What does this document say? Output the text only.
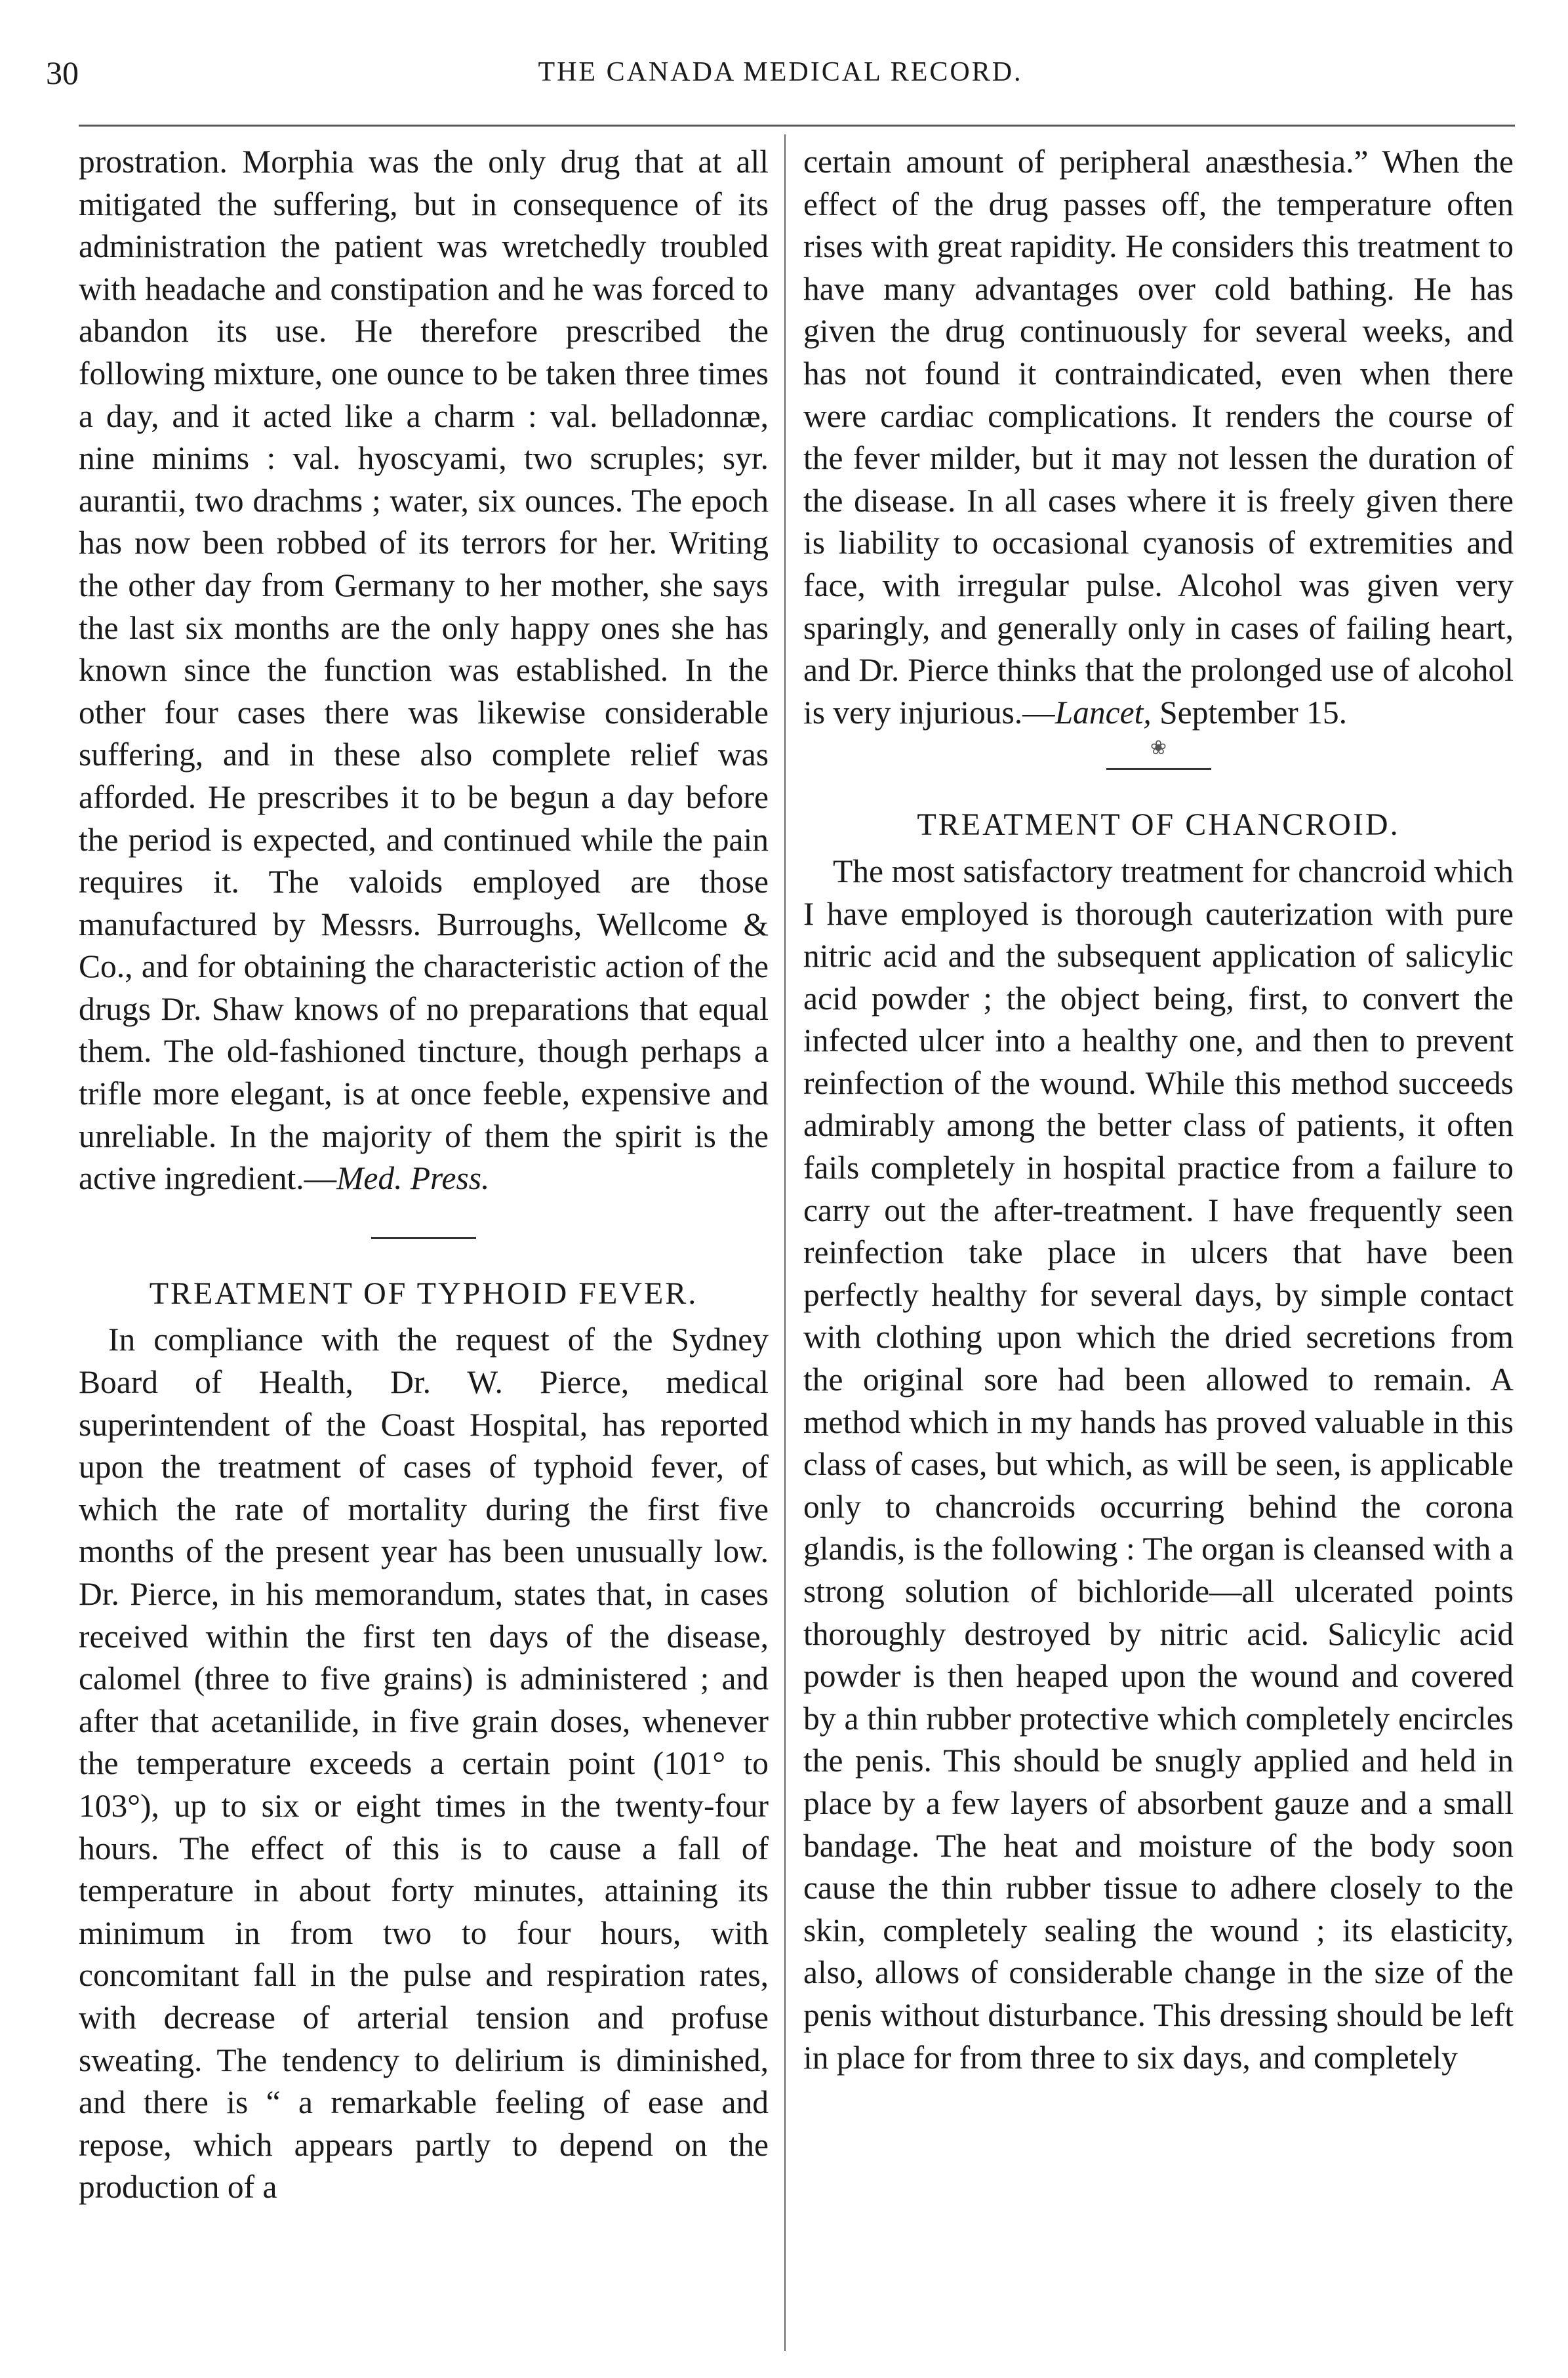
30	THE CANADA MEDICAL RECORD.

prostration. Morphia was the only drug that at all mitigated the suffering, but in consequence of its administration the patient was wretchedly troubled with headache and constipation and he was forced to abandon its use. He therefore prescribed the following mixture, one ounce to be taken three times a day, and it acted like a charm : val. belladonnæ, nine minims : val. hyoscyami, two scruples; syr. aurantii, two drachms ; water, six ounces. The epoch has now been robbed of its terrors for her. Writing the other day from Germany to her mother, she says the last six months are the only happy ones she has known since the function was established. In the other four cases there was likewise considerable suffering, and in these also complete relief was afforded. He prescribes it to be begun a day before the period is expected, and continued while the pain requires it. The valoids employed are those manufactured by Messrs. Burroughs, Wellcome & Co., and for obtaining the characteristic action of the drugs Dr. Shaw knows of no preparations that equal them. The old-fashioned tincture, though perhaps a trifle more elegant, is at once feeble, expensive and unreliable. In the majority of them the spirit is the active ingredient.—Med. Press.

TREATMENT OF TYPHOID FEVER.

In compliance with the request of the Sydney Board of Health, Dr. W. Pierce, medical superintendent of the Coast Hospital, has reported upon the treatment of cases of typhoid fever, of which the rate of mortality during the first five months of the present year has been unusually low. Dr. Pierce, in his memorandum, states that, in cases received within the first ten days of the disease, calomel (three to five grains) is administered ; and after that acetanilide, in five grain doses, whenever the temperature exceeds a certain point (101° to 103°), up to six or eight times in the twenty-four hours. The effect of this is to cause a fall of temperature in about forty minutes, attaining its minimum in from two to four hours, with concomitant fall in the pulse and respiration rates, with decrease of arterial tension and profuse sweating. The tendency to delirium is diminished, and there is “ a remarkable feeling of ease and repose, which appears partly to depend on the production of a

certain amount of peripheral anæsthesia.” When the effect of the drug passes off, the temperature often rises with great rapidity. He considers this treatment to have many advantages over cold bathing. He has given the drug continuously for several weeks, and has not found it contraindicated, even when there were cardiac complications. It renders the course of the fever milder, but it may not lessen the duration of the disease. In all cases where it is freely given there is liability to occasional cyanosis of extremities and face, with irregular pulse. Alcohol was given very sparingly, and generally only in cases of failing heart, and Dr. Pierce thinks that the prolonged use of alcohol is very injurious.—Lancet, September 15.

❀
TREATMENT OF CHANCROID.

The most satisfactory treatment for chancroid which I have employed is thorough cauterization with pure nitric acid and the subsequent application of salicylic acid powder ; the object being, first, to convert the infected ulcer into a healthy one, and then to prevent reinfection of the wound. While this method succeeds admirably among the better class of patients, it often fails completely in hospital practice from a failure to carry out the after-treatment. I have frequently seen reinfection take place in ulcers that have been perfectly healthy for several days, by simple contact with clothing upon which the dried secretions from the original sore had been allowed to remain. A method which in my hands has proved valuable in this class of cases, but which, as will be seen, is applicable only to chancroids occurring behind the corona glandis, is the following : The organ is cleansed with a strong solution of bichloride—all ulcerated points thoroughly destroyed by nitric acid. Salicylic acid powder is then heaped upon the wound and covered by a thin rubber protective which completely encircles the penis. This should be snugly applied and held in place by a few layers of absorbent gauze and a small bandage. The heat and moisture of the body soon cause the thin rubber tissue to adhere closely to the skin, completely sealing the wound ; its elasticity, also, allows of considerable change in the size of the penis without disturbance. This dressing should be left in place for from three to six days, and completely
